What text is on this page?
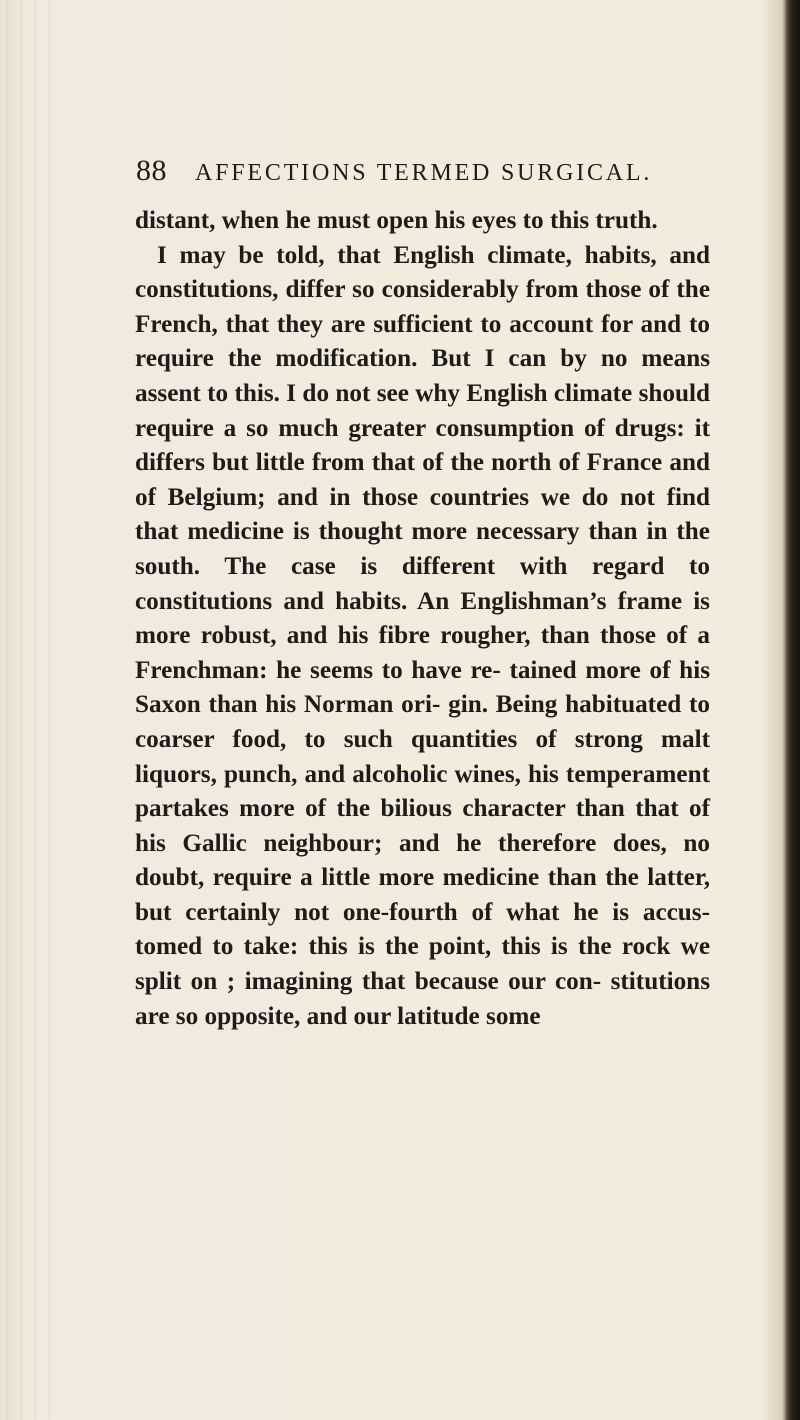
88 AFFECTIONS TERMED SURGICAL.

distant, when he must open his eyes to this truth.

I may be told, that English climate, habits, and constitutions, differ so considerably from those of the French, that they are sufficient to account for and to require the modification. But I can by no means assent to this. I do not see why English climate should require a so much greater consumption of drugs: it differs but little from that of the north of France and of Belgium; and in those countries we do not find that medicine is thought more necessary than in the south. The case is different with regard to constitutions and habits. An Englishman’s frame is more robust, and his fibre rougher, than those of a Frenchman: he seems to have re- tained more of his Saxon than his Norman ori- gin. Being habituated to coarser food, to such quantities of strong malt liquors, punch, and alcoholic wines, his temperament partakes more of the bilious character than that of his Gallic neighbour; and he therefore does, no doubt, require a little more medicine than the latter, but certainly not one-fourth of what he is accus- tomed to take: this is the point, this is the rock we split on ; imagining that because our con- stitutions are so opposite, and our latitude some
